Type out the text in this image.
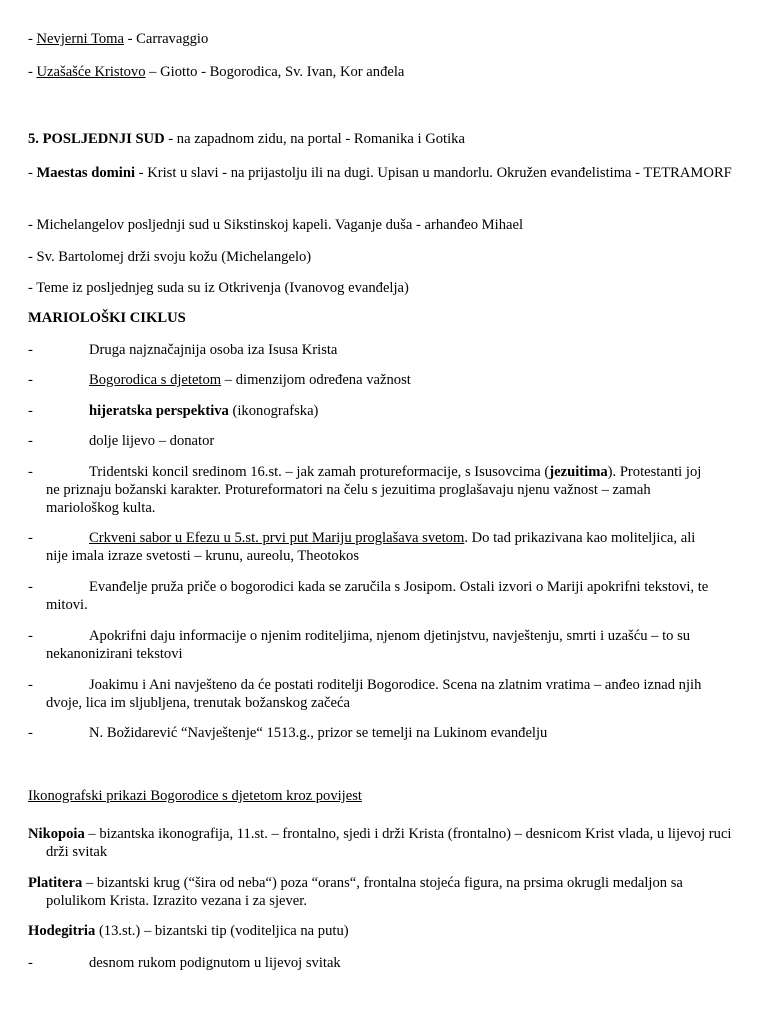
- Nevjerni Toma - Carravaggio

- Uzašašće Kristovo – Giotto - Bogorodica, Sv. Ivan, Kor anđela

5. POSLJEDNJI SUD - na zapadnom zidu, na portal - Romanika i Gotika

- Maestas domini - Krist u slavi - na prijastolju ili na dugi. Upisan u mandorlu. Okružen evanđelistima - TETRAMORF

- Michelangelov posljednji sud u Sikstinskoj kapeli. Vaganje duša - arhanđeo Mihael

- Sv. Bartolomej drži svoju kožu (Michelangelo)

- Teme iz posljednjeg suda su iz Otkrivenja (Ivanovog evanđelja)

MARIOLOŠKI CIKLUS

-	Druga najznačajnija osoba iza Isusa Krista
-	Bogorodica s djetetom – dimenzijom određena važnost
-	hijeratska perspektiva (ikonografska)
-	dolje lijevo – donator
-	Tridentski koncil sredinom 16.st. – jak zamah protureformacije, s Isusovcima (jezuitima). Protestanti joj ne priznaju božanski karakter. Protureformatori na čelu s jezuitima proglašavaju njenu važnost – zamah mariološkog kulta.
-	Crkveni sabor u Efezu u 5.st. prvi put Mariju proglašava svetom. Do tad prikazivana kao moliteljica, ali nije imala izraze svetosti – krunu, aureolu, Theotokos
-	Evanđelje pruža priče o bogorodici kada se zaručila s Josipom. Ostali izvori o Mariji apokrifni tekstovi, te mitovi.
-	Apokrifni daju informacije o njenim roditeljima, njenom djetinjstvu, navještenju, smrti i uzašću – to su nekanonizirani tekstovi
-	Joakimu i Ani navješteno da će postati roditelji Bogorodice. Scena na zlatnim vratima – anđeo iznad njih dvoje, lica im sljubljena, trenutak božanskog začeća
-	N. Božidarević “Navještenje“ 1513.g., prizor se temelji na Lukinom evanđelju

Ikonografski prikazi Bogorodice s djetetom kroz povijest

Nikopoia – bizantska ikonografija, 11.st. – frontalno, sjedi i drži Krista (frontalno) – desnicom Krist vlada, u lijevoj ruci drži svitak

Platitera – bizantski krug (“šira od neba“) poza “orans“, frontalna stojeća figura, na prsima okrugli medaljon sa polulikom Krista. Izrazito vezana i za sjever.

Hodegitria (13.st.) – bizantski tip (voditeljica na putu)

-	desnom rukom podignutom u lijevoj svitak
